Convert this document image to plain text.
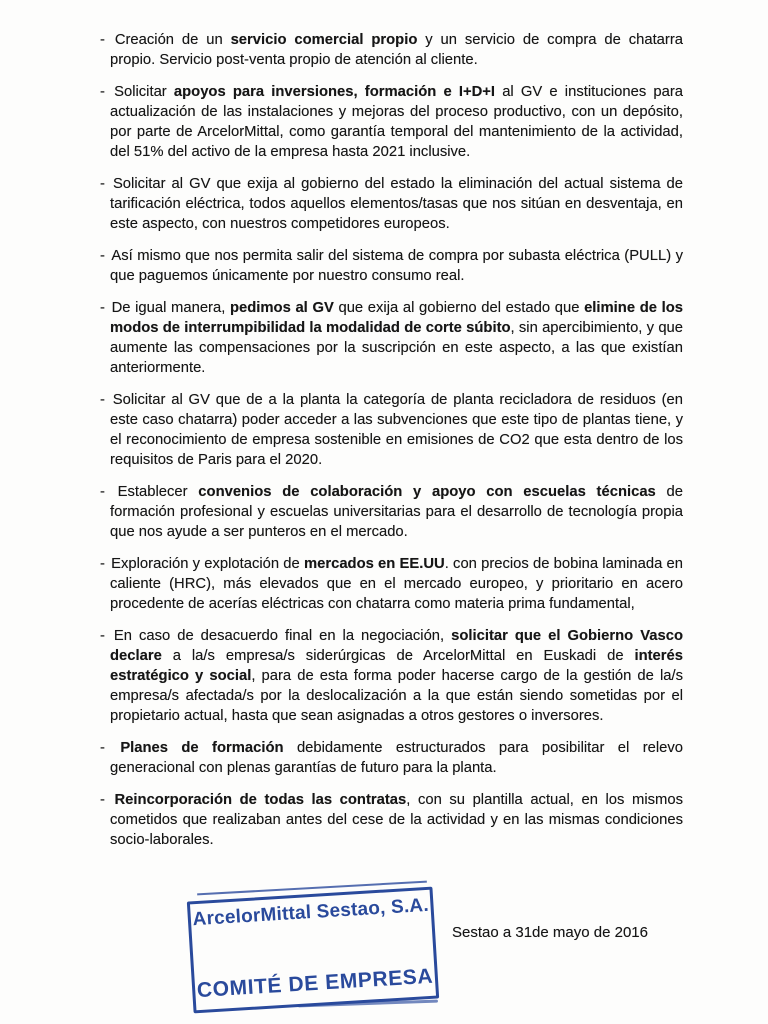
- Creación de un servicio comercial propio y un servicio de compra de chatarra propio. Servicio post-venta propio de atención al cliente.
- Solicitar apoyos para inversiones, formación e I+D+I al GV e instituciones para actualización de las instalaciones y mejoras del proceso productivo, con un depósito, por parte de ArcelorMittal, como garantía temporal del mantenimiento de la actividad, del 51% del activo de la empresa hasta 2021 inclusive.
- Solicitar al GV que exija al gobierno del estado la eliminación del actual sistema de tarificación eléctrica, todos aquellos elementos/tasas que nos sitúan en desventaja, en este aspecto, con nuestros competidores europeos.
- Así mismo que nos permita salir del sistema de compra por subasta eléctrica (PULL) y que paguemos únicamente por nuestro consumo real.
- De igual manera, pedimos al GV que exija al gobierno del estado que elimine de los modos de interrumpibilidad la modalidad de corte súbito, sin apercibimiento, y que aumente las compensaciones por la suscripción en este aspecto, a las que existían anteriormente.
- Solicitar al GV que de a la planta la categoría de planta recicladora de residuos (en este caso chatarra) poder acceder a las subvenciones que este tipo de plantas tiene, y el reconocimiento de empresa sostenible en emisiones de CO2 que esta dentro de los requisitos de Paris para el 2020.
- Establecer convenios de colaboración y apoyo con escuelas técnicas de formación profesional y escuelas universitarias para el desarrollo de tecnología propia que nos ayude a ser punteros en el mercado.
- Exploración y explotación de mercados en EE.UU. con precios de bobina laminada en caliente (HRC), más elevados que en el mercado europeo, y prioritario en acero procedente de acerías eléctricas con chatarra como materia prima fundamental,
- En caso de desacuerdo final en la negociación, solicitar que el Gobierno Vasco declare a la/s empresa/s siderúrgicas de ArcelorMittal en Euskadi de interés estratégico y social, para de esta forma poder hacerse cargo de la gestión de la/s empresa/s afectada/s por la deslocalización a la que están siendo sometidas por el propietario actual, hasta que sean asignadas a otros gestores o inversores.
- Planes de formación debidamente estructurados para posibilitar el relevo generacional con plenas garantías de futuro para la planta.
- Reincorporación de todas las contratas, con su plantilla actual, en los mismos cometidos que realizaban antes del cese de la actividad y en las mismas condiciones socio-laborales.
ArcelorMittal Sestao, S.A.
COMITÉ DE EMPRESA
Sestao a 31de mayo de 2016
